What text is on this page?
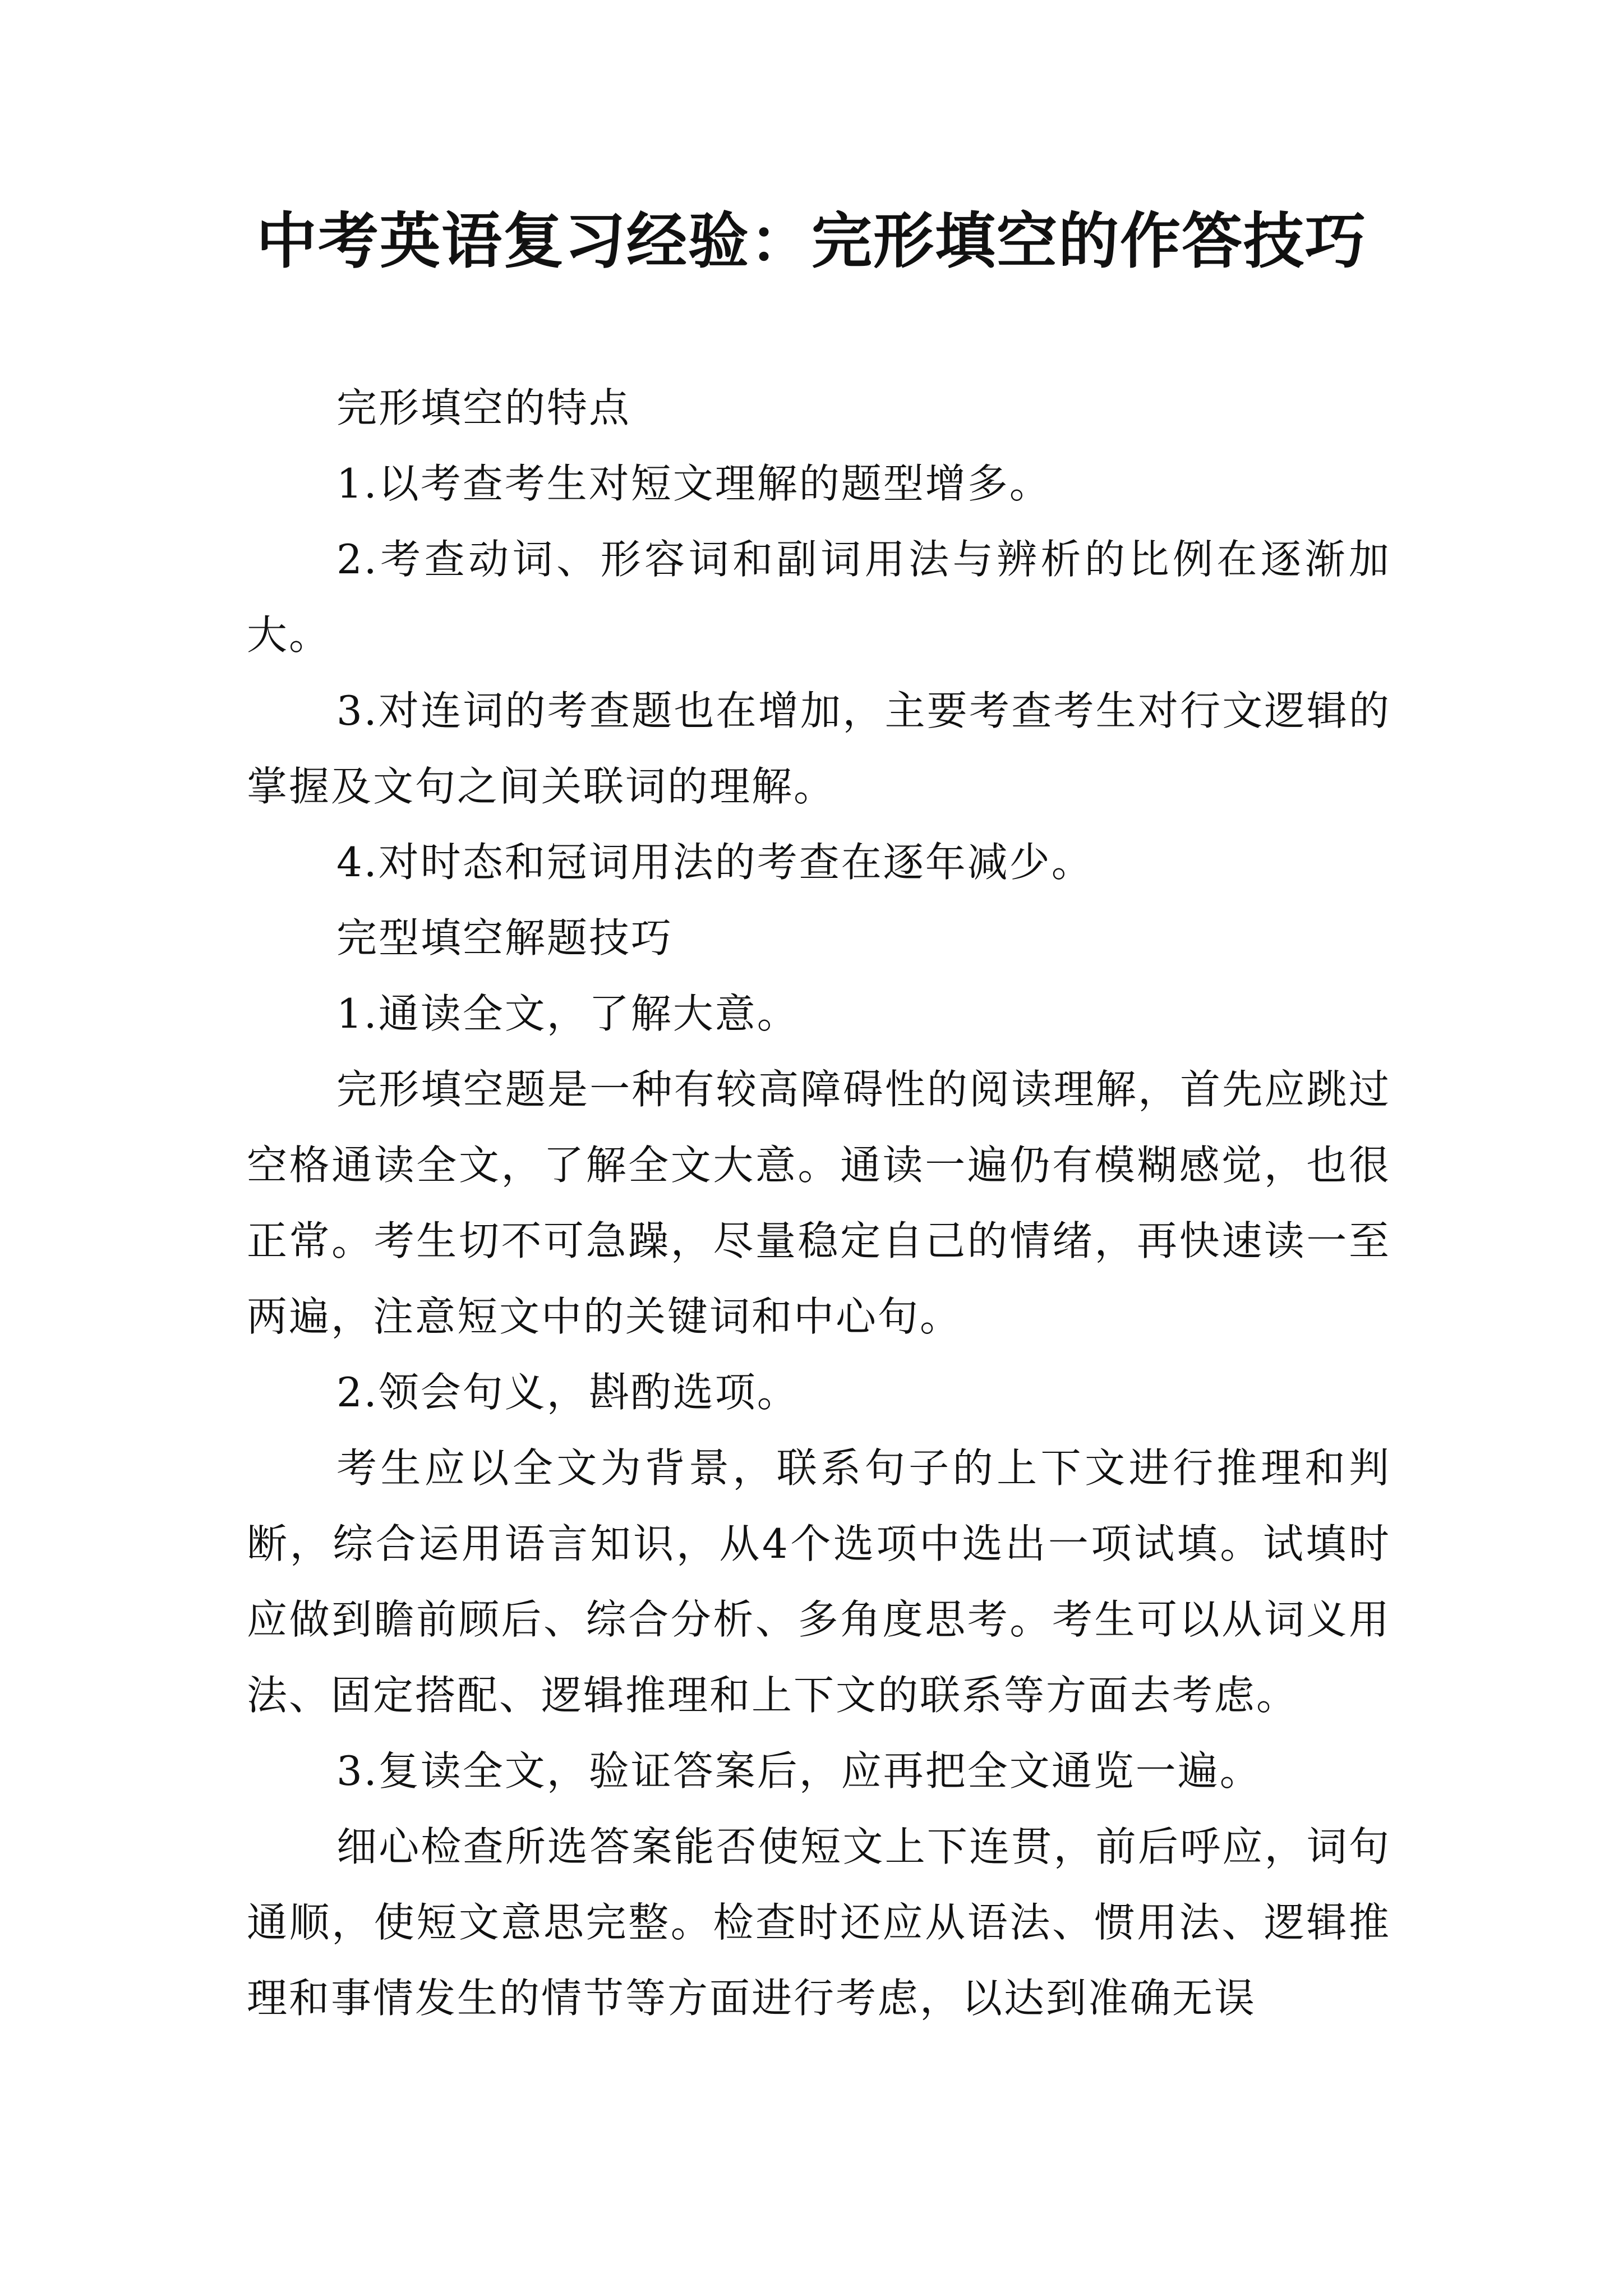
中考英语复习经验：完形填空的作答技巧

完形填空的特点

1.以考查考生对短文理解的题型增多。

2.考查动词、形容词和副词用法与辨析的比例在逐渐加大。

3.对连词的考查题也在增加，主要考查考生对行文逻辑的掌握及文句之间关联词的理解。

4.对时态和冠词用法的考查在逐年减少。

完型填空解题技巧

1.通读全文，了解大意。

完形填空题是一种有较高障碍性的阅读理解，首先应跳过空格通读全文，了解全文大意。通读一遍仍有模糊感觉，也很正常。考生切不可急躁，尽量稳定自己的情绪，再快速读一至两遍，注意短文中的关键词和中心句。

2.领会句义，斟酌选项。

考生应以全文为背景，联系句子的上下文进行推理和判断，综合运用语言知识，从4个选项中选出一项试填。试填时应做到瞻前顾后、综合分析、多角度思考。考生可以从词义用法、固定搭配、逻辑推理和上下文的联系等方面去考虑。

3.复读全文，验证答案后，应再把全文通览一遍。

细心检查所选答案能否使短文上下连贯，前后呼应，词句通顺，使短文意思完整。检查时还应从语法、惯用法、逻辑推理和事情发生的情节等方面进行考虑，以达到准确无误
